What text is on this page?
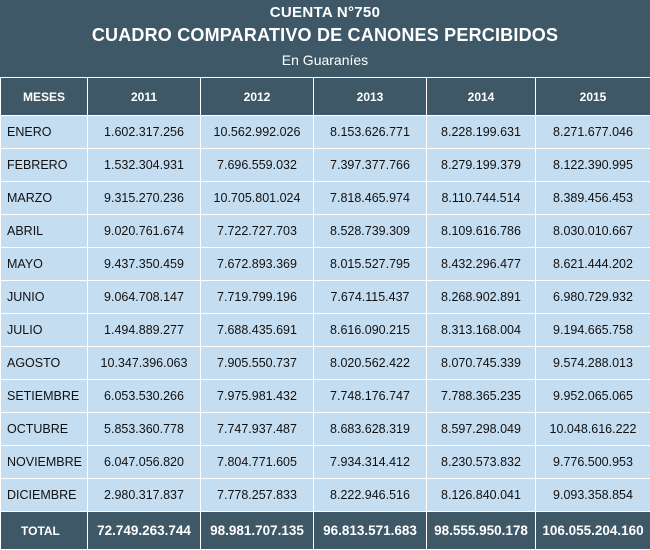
CUENTA N°750
CUADRO COMPARATIVO DE CANONES PERCIBIDOS
En Guaraníes
MESES	2011	2012	2013	2014	2015
ENERO	1.602.317.256	10.562.992.026	8.153.626.771	8.228.199.631	8.271.677.046
FEBRERO	1.532.304.931	7.696.559.032	7.397.377.766	8.279.199.379	8.122.390.995
MARZO	9.315.270.236	10.705.801.024	7.818.465.974	8.110.744.514	8.389.456.453
ABRIL	9.020.761.674	7.722.727.703	8.528.739.309	8.109.616.786	8.030.010.667
MAYO	9.437.350.459	7.672.893.369	8.015.527.795	8.432.296.477	8.621.444.202
JUNIO	9.064.708.147	7.719.799.196	7.674.115.437	8.268.902.891	6.980.729.932
JULIO	1.494.889.277	7.688.435.691	8.616.090.215	8.313.168.004	9.194.665.758
AGOSTO	10.347.396.063	7.905.550.737	8.020.562.422	8.070.745.339	9.574.288.013
SETIEMBRE	6.053.530.266	7.975.981.432	7.748.176.747	7.788.365.235	9.952.065.065
OCTUBRE	5.853.360.778	7.747.937.487	8.683.628.319	8.597.298.049	10.048.616.222
NOVIEMBRE	6.047.056.820	7.804.771.605	7.934.314.412	8.230.573.832	9.776.500.953
DICIEMBRE	2.980.317.837	7.778.257.833	8.222.946.516	8.126.840.041	9.093.358.854
TOTAL	72.749.263.744	98.981.707.135	96.813.571.683	98.555.950.178	106.055.204.160
